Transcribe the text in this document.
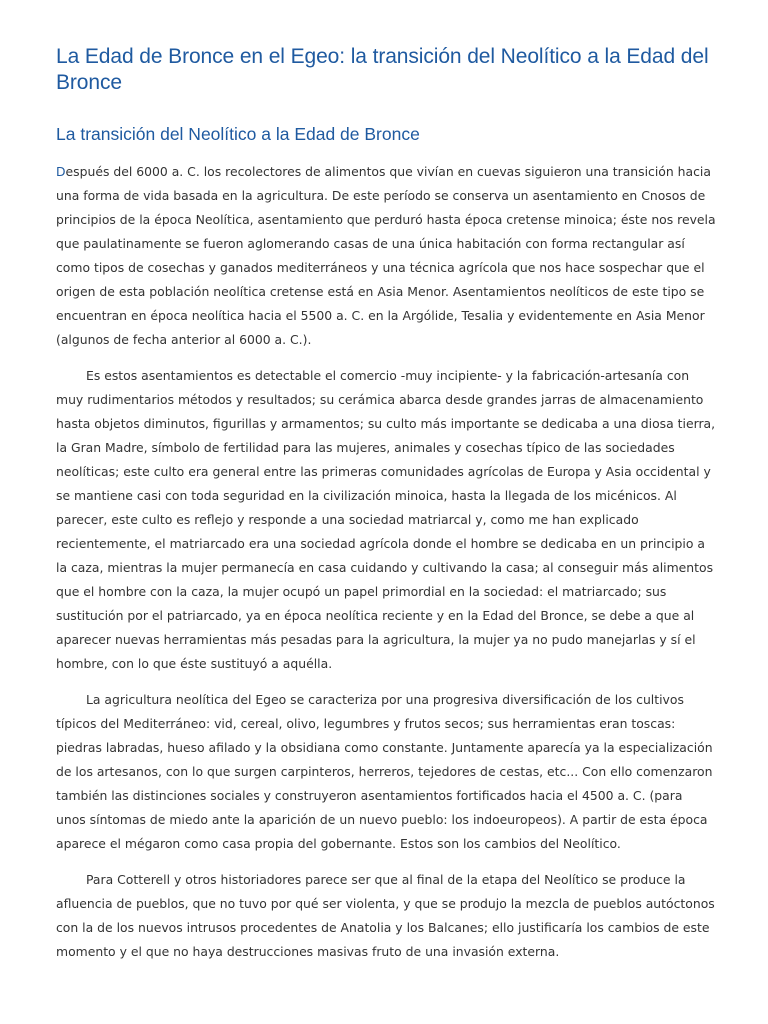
La Edad de Bronce en el Egeo: la transición del Neolítico a la Edad del Bronce
La transición del Neolítico a la Edad de Bronce

Después del 6000 a. C. los recolectores de alimentos que vivían en cuevas siguieron una transición hacia una forma de vida basada en la agricultura. De este período se conserva un asentamiento en Cnosos de principios de la época Neolítica, asentamiento que perduró hasta época cretense minoica; éste nos revela que paulatinamente se fueron aglomerando casas de una única habitación con forma rectangular así como tipos de cosechas y ganados mediterráneos y una técnica agrícola que nos hace sospechar que el origen de esta población neolítica cretense está en Asia Menor. Asentamientos neolíticos de este tipo se encuentran en época neolítica hacia el 5500 a. C. en la Argólide, Tesalia y evidentemente en Asia Menor (algunos de fecha anterior al 6000 a. C.).

Es estos asentamientos es detectable el comercio -muy incipiente- y la fabricación-artesanía con muy rudimentarios métodos y resultados; su cerámica abarca desde grandes jarras de almacenamiento hasta objetos diminutos, figurillas y armamentos; su culto más importante se dedicaba a una diosa tierra, la Gran Madre, símbolo de fertilidad para las mujeres, animales y cosechas típico de las sociedades neolíticas; este culto era general entre las primeras comunidades agrícolas de Europa y Asia occidental y se mantiene casi con toda seguridad en la civilización minoica, hasta la llegada de los micénicos. Al parecer, este culto es reflejo y responde a una sociedad matriarcal y, como me han explicado recientemente, el matriarcado era una sociedad agrícola donde el hombre se dedicaba en un principio a la caza, mientras la mujer permanecía en casa cuidando y cultivando la casa; al conseguir más alimentos que el hombre con la caza, la mujer ocupó un papel primordial en la sociedad: el matriarcado; sus sustitución por el patriarcado, ya en época neolítica reciente y en la Edad del Bronce, se debe a que al aparecer nuevas herramientas más pesadas para la agricultura, la mujer ya no pudo manejarlas y sí el hombre, con lo que éste sustituyó a aquélla.

La agricultura neolítica del Egeo se caracteriza por una progresiva diversificación de los cultivos típicos del Mediterráneo: vid, cereal, olivo, legumbres y frutos secos; sus herramientas eran toscas: piedras labradas, hueso afilado y la obsidiana como constante. Juntamente aparecía ya la especialización de los artesanos, con lo que surgen carpinteros, herreros, tejedores de cestas, etc... Con ello comenzaron también las distinciones sociales y construyeron asentamientos fortificados hacia el 4500 a. C. (para unos síntomas de miedo ante la aparición de un nuevo pueblo: los indoeuropeos). A partir de esta época aparece el mégaron como casa propia del gobernante. Estos son los cambios del Neolítico.

Para Cotterell y otros historiadores parece ser que al final de la etapa del Neolítico se produce la afluencia de pueblos, que no tuvo por qué ser violenta, y que se produjo la mezcla de pueblos autóctonos con la de los nuevos intrusos procedentes de Anatolia y los Balcanes; ello justificaría los cambios de este momento y el que no haya destrucciones masivas fruto de una invasión externa.
